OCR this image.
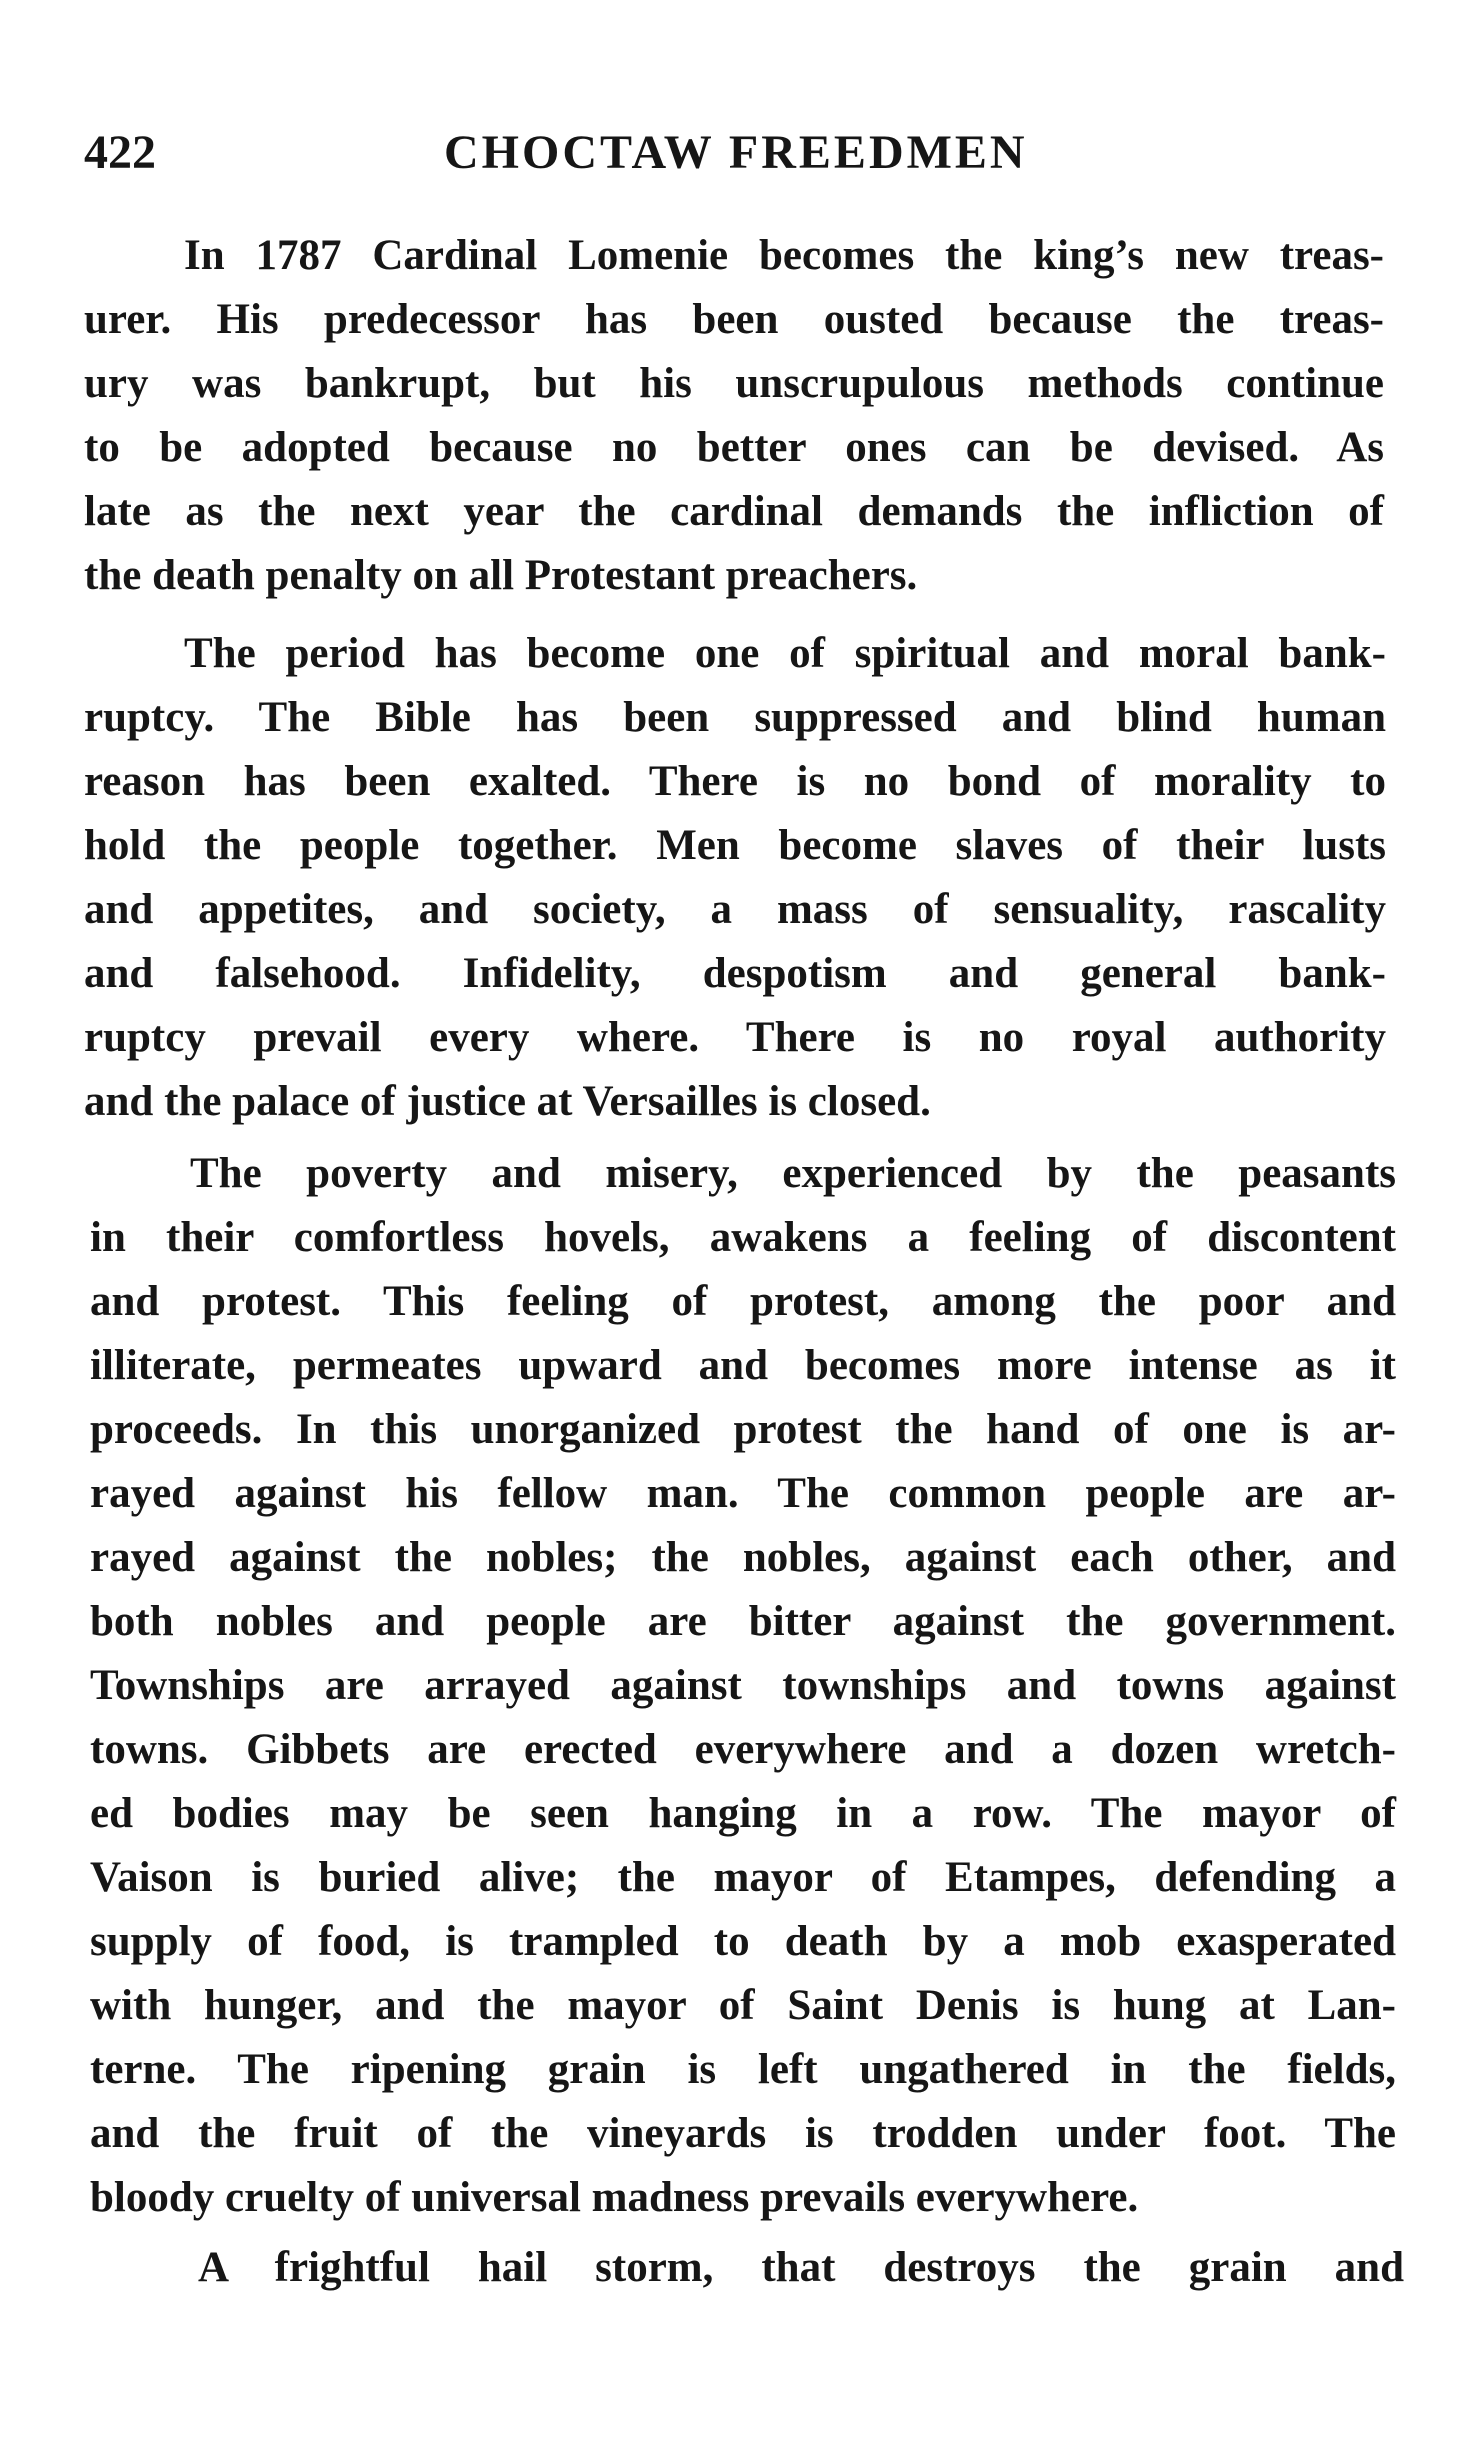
422	CHOCTAW FREEDMEN
In 1787 Cardinal Lomenie becomes the king’s new treas-
urer. His predecessor has been ousted because the treas-
ury was bankrupt, but his unscrupulous methods continue
to be adopted because no better ones can be devised. As
late as the next year the cardinal demands the infliction of
the death penalty on all Protestant preachers.
The period has become one of spiritual and moral bank-
ruptcy. The Bible has been suppressed and blind human
reason has been exalted. There is no bond of morality to
hold the people together. Men become slaves of their lusts
and appetites, and society, a mass of sensuality, rascality
and falsehood. Infidelity, despotism and general bank-
ruptcy prevail every where. There is no royal authority
and the palace of justice at Versailles is closed.
The poverty and misery, experienced by the peasants
in their comfortless hovels, awakens a feeling of discontent
and protest. This feeling of protest, among the poor and
illiterate, permeates upward and becomes more intense as it
proceeds. In this unorganized protest the hand of one is ar-
rayed against his fellow man. The common people are ar-
rayed against the nobles; the nobles, against each other, and
both nobles and people are bitter against the government.
Townships are arrayed against townships and towns against
towns. Gibbets are erected everywhere and a dozen wretch-
ed bodies may be seen hanging in a row. The mayor of
Vaison is buried alive; the mayor of Etampes, defending a
supply of food, is trampled to death by a mob exasperated
with hunger, and the mayor of Saint Denis is hung at Lan-
terne. The ripening grain is left ungathered in the fields,
and the fruit of the vineyards is trodden under foot. The
bloody cruelty of universal madness prevails everywhere.
A frightful hail storm, that destroys the grain and
